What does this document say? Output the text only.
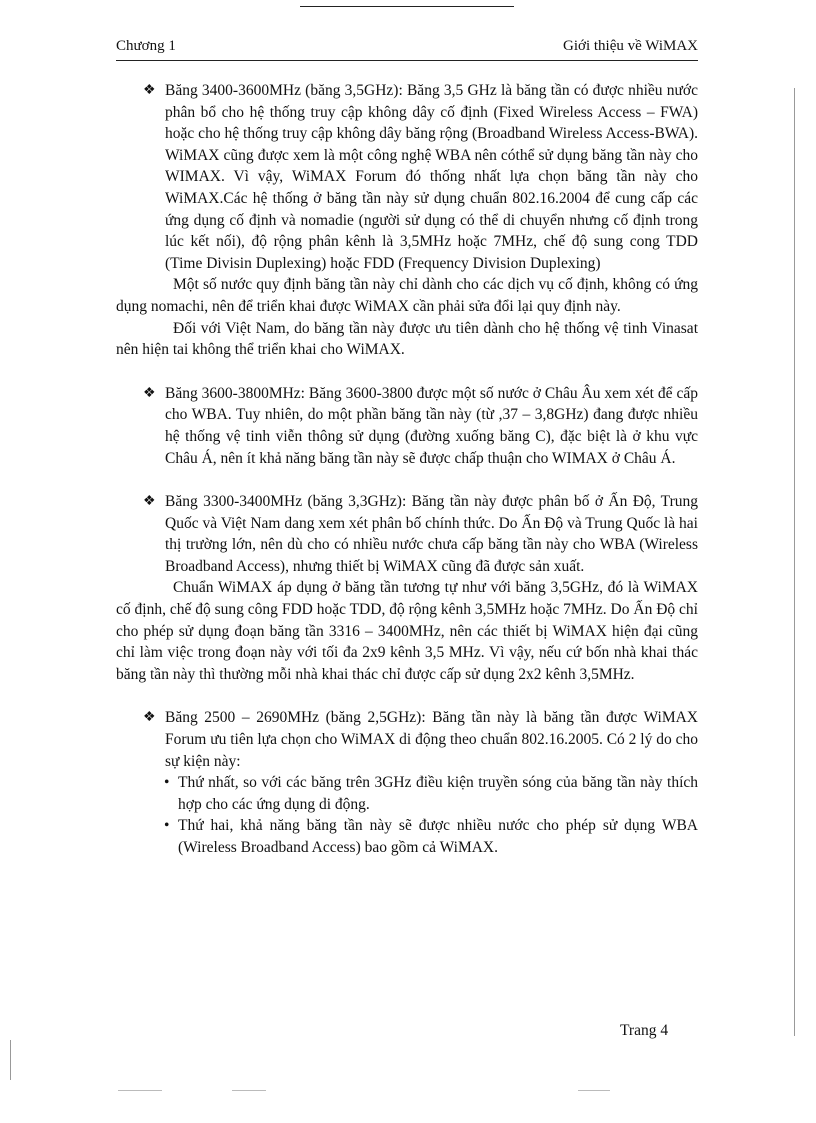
Chương 1	Giới thiệu về WiMAX
❖ Băng 3400-3600MHz (băng 3,5GHz): Băng 3,5 GHz là băng tần có được nhiều nước phân bổ cho hệ thống truy cập không dây cố định (Fixed Wireless Access – FWA) hoặc cho hệ thống truy cập không dây băng rộng (Broadband Wireless Access-BWA). WiMAX cũng được xem là một công nghệ WBA nên cóthể sử dụng băng tần này cho WIMAX. Vì vậy, WiMAX Forum đó thống nhất lựa chọn băng tần này cho WiMAX.Các hệ thống ở băng tần này sử dụng chuẩn 802.16.2004 để cung cấp các ứng dụng cố định và nomadie (người sử dụng có thể di chuyển nhưng cố định trong lúc kết nối), độ rộng phân kênh là 3,5MHz hoặc 7MHz, chế độ sung cong TDD (Time Divisin Duplexing) hoặc FDD (Frequency Division Duplexing)

Một số nước quy định băng tần này chỉ dành cho các dịch vụ cố định, không có ứng dụng nomachi, nên để triển khai được WiMAX cần phải sửa đổi lại quy định này.

Đối với Việt Nam, do băng tần này được ưu tiên dành cho hệ thống vệ tinh Vinasat nên hiện tai không thể triển khai cho WiMAX.

❖ Băng 3600-3800MHz: Băng 3600-3800 được một số nước ở Châu Âu xem xét để cấp cho WBA. Tuy nhiên, do một phần băng tần này (từ ,37 – 3,8GHz) đang được nhiều hệ thống vệ tinh viễn thông sử dụng (đường xuống băng C), đặc biệt là ở khu vực Châu Á, nên ít khả năng băng tần này sẽ được chấp thuận cho WIMAX ở Châu Á.
❖ Băng 3300-3400MHz (băng 3,3GHz): Băng tần này được phân bố ở Ấn Độ, Trung Quốc và Việt Nam dang xem xét phân bố chính thức. Do Ấn Độ và Trung Quốc là hai thị trường lớn, nên dù cho có nhiều nước chưa cấp băng tần này cho WBA (Wireless Broadband Access), nhưng thiết bị WiMAX cũng đã được sản xuất.

Chuẩn WiMAX áp dụng ở băng tần tương tự như với băng 3,5GHz, đó là WiMAX cố định, chế độ sung công FDD hoặc TDD, độ rộng kênh 3,5MHz hoặc 7MHz. Do Ấn Độ chỉ cho phép sử dụng đoạn băng tần 3316 – 3400MHz, nên các thiết bị WiMAX hiện đại cũng chỉ làm việc trong đoạn này với tối đa 2x9 kênh 3,5 MHz. Vì vậy, nếu cứ bốn nhà khai thác băng tần này thì thường mỗi nhà khai thác chỉ được cấp sử dụng 2x2 kênh 3,5MHz.

❖ Băng 2500 – 2690MHz (băng 2,5GHz): Băng tần này là băng tần được WiMAX Forum ưu tiên lựa chọn cho WiMAX di động theo chuẩn 802.16.2005. Có 2 lý do cho sự kiện này:
• Thứ nhất, so với các băng trên 3GHz điều kiện truyền sóng của băng tần này thích hợp cho các ứng dụng di động.
• Thứ hai, khả năng băng tần này sẽ được nhiều nước cho phép sử dụng WBA (Wireless Broadband Access) bao gồm cả WiMAX.
Trang 4
